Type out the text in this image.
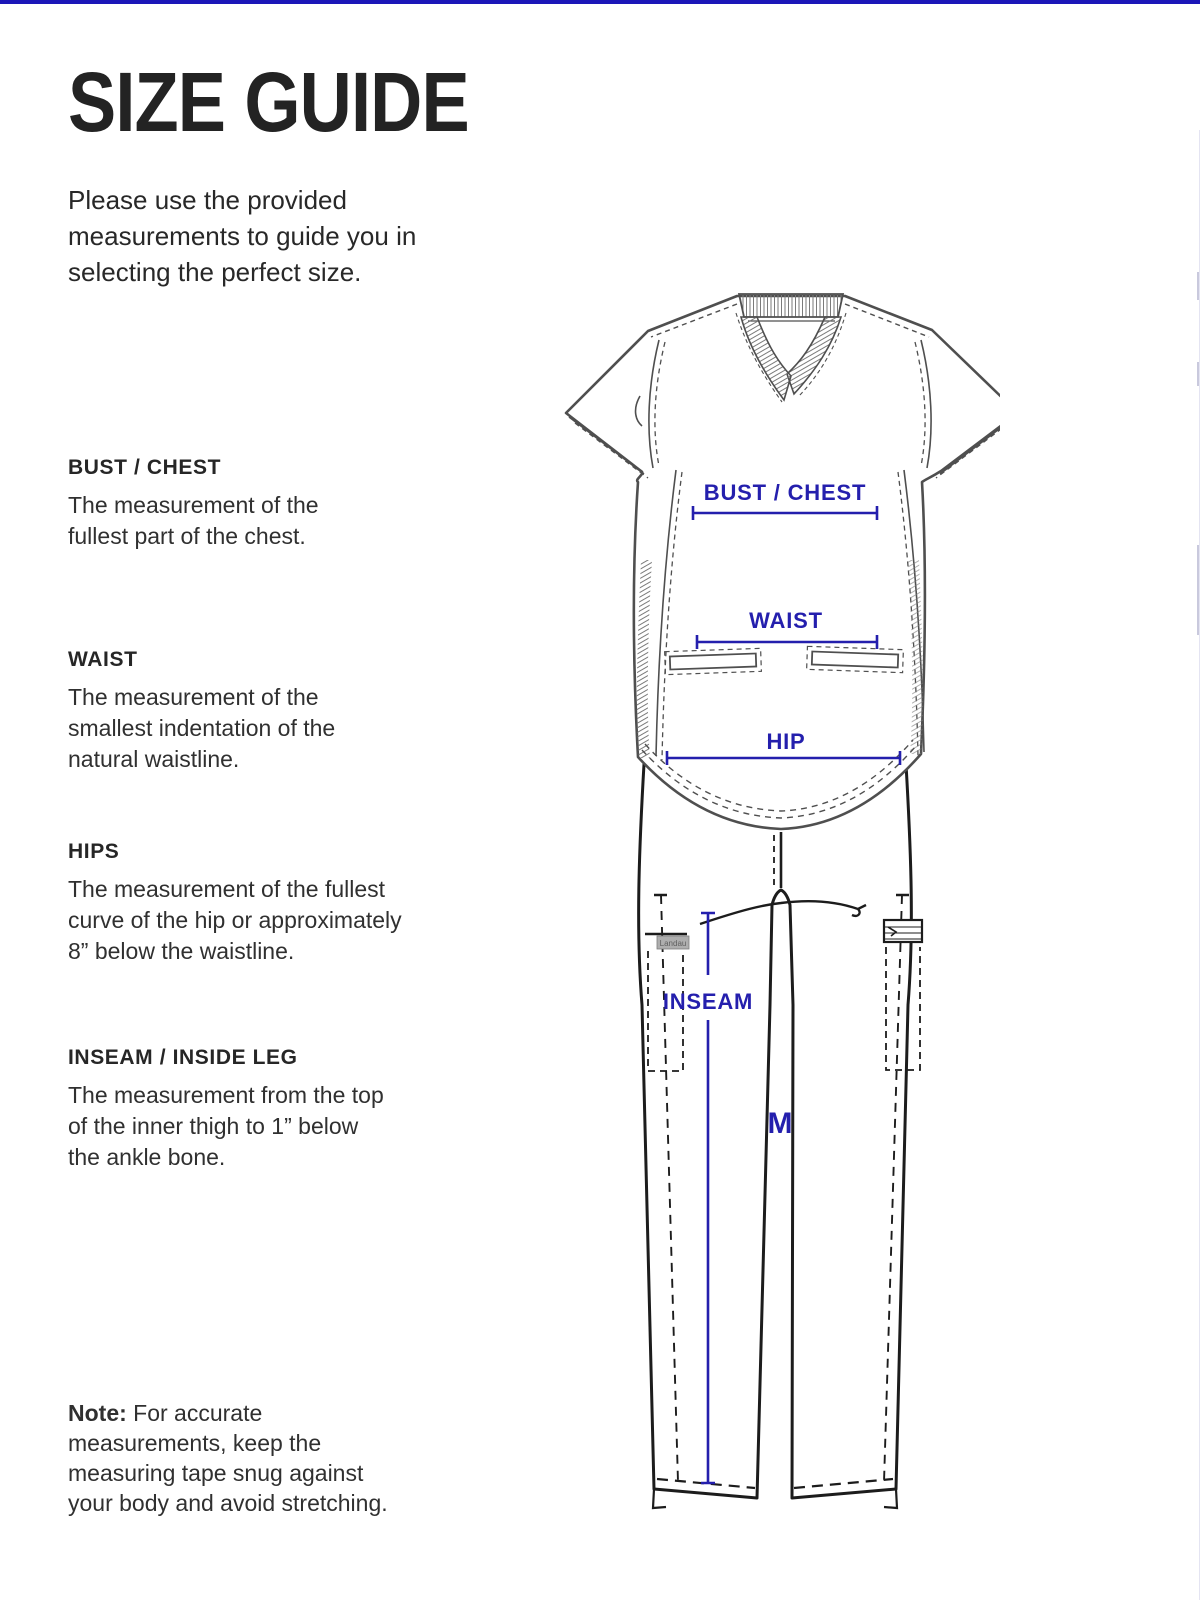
SIZE GUIDE

Please use the provided
measurements to guide you in
selecting the perfect size.

BUST / CHEST

The measurement of the
fullest part of the chest.

WAIST

The measurement of the
smallest indentation of the
natural waistline.

HIPS

The measurement of the fullest
curve of the hip or approximately
8” below the waistline.

INSEAM / INSIDE LEG

The measurement from the top
of the inner thigh to 1” below
the ankle bone.

Note: For accurate
measurements, keep the
measuring tape snug against
your body and avoid stretching.

Landau
BUST / CHEST
WAIST
HIP
INSEAM
M
